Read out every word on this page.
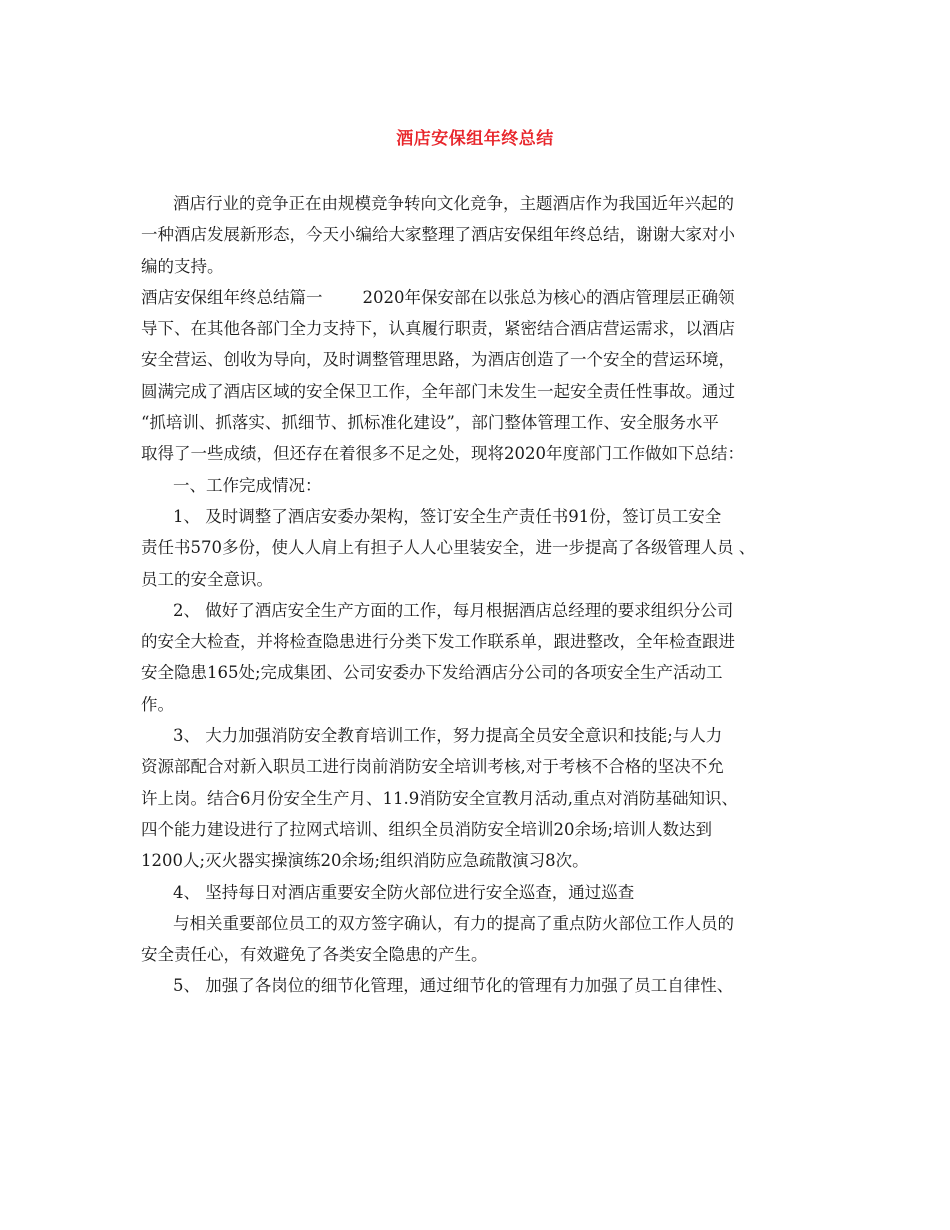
酒店安保组年终总结
酒店行业的竞争正在由规模竞争转向文化竞争，主题酒店作为我国近年兴起的
一种酒店发展新形态，今天小编给大家整理了酒店安保组年终总结，谢谢大家对小
编的支持。
酒店安保组年终总结篇一 2020年保安部在以张总为核心的酒店管理层正确领
导下、在其他各部门全力支持下，认真履行职责，紧密结合酒店营运需求，以酒店
安全营运、创收为导向，及时调整管理思路，为酒店创造了一个安全的营运环境，
圆满完成了酒店区域的安全保卫工作，全年部门未发生一起安全责任性事故。通过
“抓培训、抓落实、抓细节、抓标准化建设”，部门整体管理工作、安全服务水平
取得了一些成绩，但还存在着很多不足之处，现将2020年度部门工作做如下总结：
一、工作完成情况：
1、 及时调整了酒店安委办架构，签订安全生产责任书91份，签订员工安全
责任书570多份，使人人肩上有担子人人心里装安全，进一步提高了各级管理人员 、
员工的安全意识。
2、 做好了酒店安全生产方面的工作，每月根据酒店总经理的要求组织分公司
的安全大检查，并将检查隐患进行分类下发工作联系单，跟进整改，全年检查跟进
安全隐患165处;完成集团、公司安委办下发给酒店分公司的各项安全生产活动工
作。
3、 大力加强消防安全教育培训工作，努力提高全员安全意识和技能;与人力
资源部配合对新入职员工进行岗前消防安全培训考核,对于考核不合格的坚决不允
许上岗。结合6月份安全生产月、11.9消防安全宣教月活动,重点对消防基础知识、
四个能力建设进行了拉网式培训、组织全员消防安全培训20余场;培训人数达到
1200人;灭火器实操演练20余场;组织消防应急疏散演习8次。
4、 坚持每日对酒店重要安全防火部位进行安全巡查，通过巡查
与相关重要部位员工的双方签字确认，有力的提高了重点防火部位工作人员的
安全责任心，有效避免了各类安全隐患的产生。
5、 加强了各岗位的细节化管理，通过细节化的管理有力加强了员工自律性、
